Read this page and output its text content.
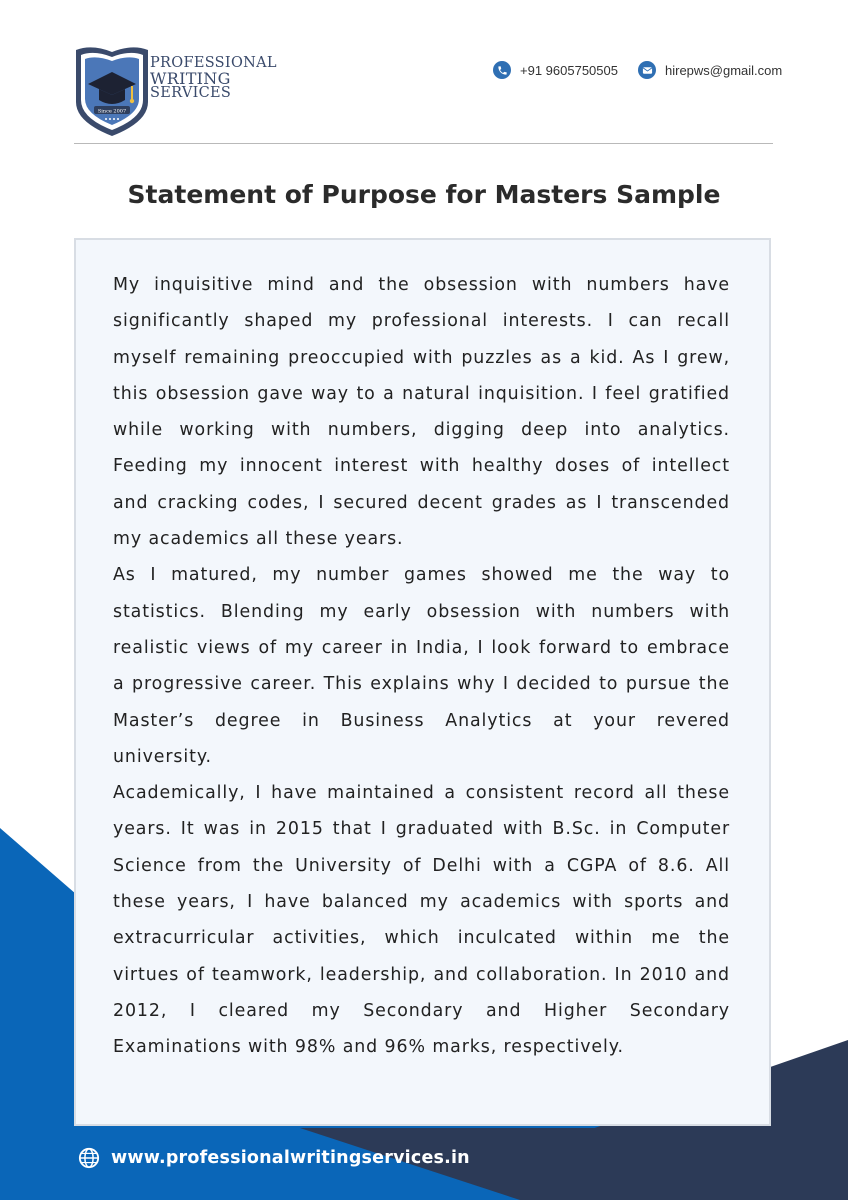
Since 2007
PROFESSIONAL
WRITING
SERVICES
+91 9605750505	hirepws@gmail.com
Statement of Purpose for Masters Sample

My inquisitive mind and the obsession with numbers have significantly shaped my professional interests. I can recall myself remaining preoccupied with puzzles as a kid. As I grew, this obsession gave way to a natural inquisition. I feel gratified while working with numbers, digging deep into analytics. Feeding my innocent interest with healthy doses of intellect and cracking codes, I secured decent grades as I transcended my academics all these years.

As I matured, my number games showed me the way to statistics. Blending my early obsession with numbers with realistic views of my career in India, I look forward to embrace a progressive career. This explains why I decided to pursue the Master’s degree in Business Analytics at your revered university.

Academically, I have maintained a consistent record all these years. It was in 2015 that I graduated with B.Sc. in Computer Science from the University of Delhi with a CGPA of 8.6. All these years, I have balanced my academics with sports and extracurricular activities, which inculcated within me the virtues of teamwork, leadership, and collaboration. In 2010 and 2012, I cleared my Secondary and Higher Secondary Examinations with 98% and 96% marks, respectively.

www.professionalwritingservices.in
